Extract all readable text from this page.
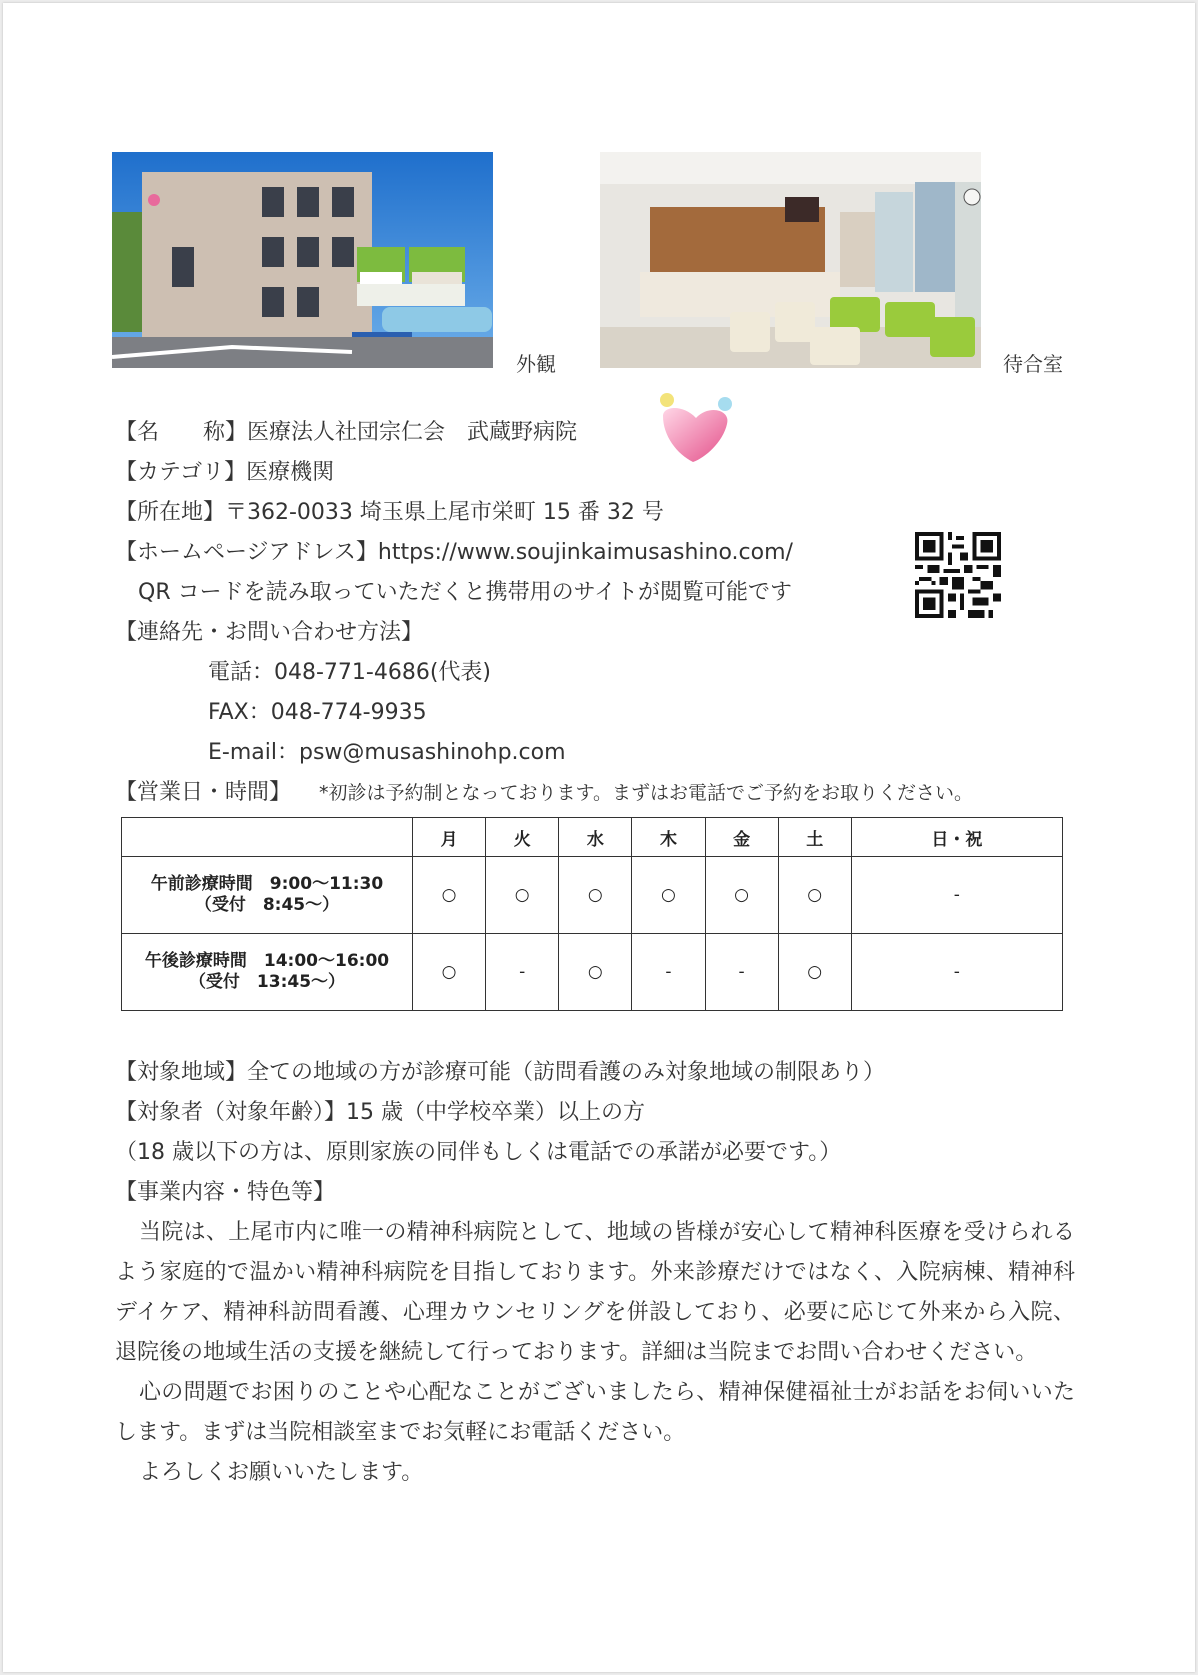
外観	待合室
【名　　称】医療法人社団宗仁会　武蔵野病院
【カテゴリ】医療機関
【所在地】〒362-0033 埼玉県上尾市栄町 15 番 32 号
【ホームページアドレス】https://www.soujinkaimusashino.com/
QR コードを読み取っていただくと携帯用のサイトが閲覧可能です
【連絡先・お問い合わせ方法】
電話：048-771-4686(代表)
FAX：048-774-9935
E-mail：psw@musashinohp.com
【営業日・時間】 *初診は予約制となっております。まずはお電話でご予約をお取りください。
	月	火	水	木	金	土	日・祝

午前診療時間　9:00～11:30
（受付　8:45～）	○	○	○	○	○	○	-

午後診療時間　14:00～16:00
（受付　13:45～）	○	-	○	-	-	○	-
【対象地域】全ての地域の方が診療可能（訪問看護のみ対象地域の制限あり）
【対象者（対象年齢）】15 歳（中学校卒業）以上の方
（18 歳以下の方は、原則家族の同伴もしくは電話での承諾が必要です。）
【事業内容・特色等】

当院は、上尾市内に唯一の精神科病院として、地域の皆様が安心して精神科医療を受けられるよう家庭的で温かい精神科病院を目指しております。外来診療だけではなく、入院病棟、精神科デイケア、精神科訪問看護、心理カウンセリングを併設しており、必要に応じて外来から入院、退院後の地域生活の支援を継続して行っております。詳細は当院までお問い合わせください。

心の問題でお困りのことや心配なことがございましたら、精神保健福祉士がお話をお伺いいたします。まずは当院相談室までお気軽にお電話ください。

よろしくお願いいたします。
